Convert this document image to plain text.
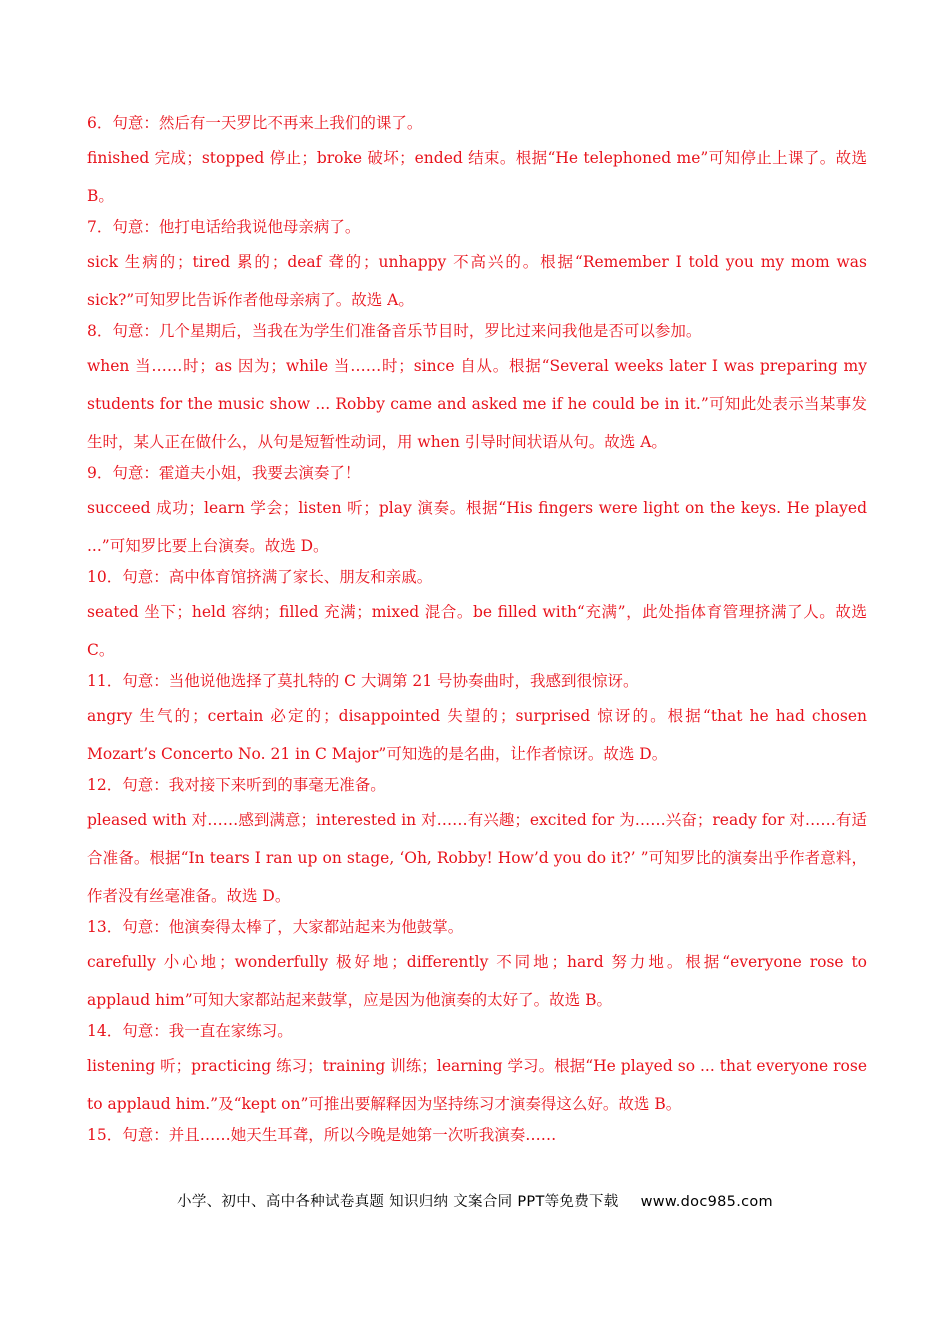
6．句意：然后有一天罗比不再来上我们的课了。

finished 完成；stopped 停止；broke 破坏；ended 结束。根据“He telephoned me”可知停止上课了。故选 B。

7．句意：他打电话给我说他母亲病了。

sick 生病的；tired 累的；deaf 聋的；unhappy 不高兴的。根据“Remember I told you my mom was sick?”可知罗比告诉作者他母亲病了。故选 A。

8．句意：几个星期后，当我在为学生们准备音乐节目时，罗比过来问我他是否可以参加。

when 当……时；as 因为；while 当……时；since 自从。根据“Several weeks later I was preparing my students for the music show ... Robby came and asked me if he could be in it.”可知此处表示当某事发生时，某人正在做什么，从句是短暂性动词，用 when 引导时间状语从句。故选 A。

9．句意：霍道夫小姐，我要去演奏了！

succeed 成功；learn 学会；listen 听；play 演奏。根据“His fingers were light on the keys. He played ...”可知罗比要上台演奏。故选 D。

10．句意：高中体育馆挤满了家长、朋友和亲戚。

seated 坐下；held 容纳；filled 充满；mixed 混合。be filled with“充满”，此处指体育管理挤满了人。故选 C。

11．句意：当他说他选择了莫扎特的 C 大调第 21 号协奏曲时，我感到很惊讶。

angry 生气的；certain 必定的；disappointed 失望的；surprised 惊讶的。根据“that he had chosen Mozart’s Concerto No. 21 in C Major”可知选的是名曲，让作者惊讶。故选 D。

12．句意：我对接下来听到的事毫无准备。

pleased with 对……感到满意；interested in 对……有兴趣；excited for 为……兴奋；ready for 对……有适合准备。根据“In tears I ran up on stage, ‘Oh, Robby! How’d you do it?’ ”可知罗比的演奏出乎作者意料，作者没有丝毫准备。故选 D。

13．句意：他演奏得太棒了，大家都站起来为他鼓掌。

carefully 小心地；wonderfully 极好地；differently 不同地；hard 努力地。根据“everyone rose to applaud him”可知大家都站起来鼓掌，应是因为他演奏的太好了。故选 B。

14．句意：我一直在家练习。

listening 听；practicing 练习；training 训练；learning 学习。根据“He played so ... that everyone rose to applaud him.”及“kept on”可推出要解释因为坚持练习才演奏得这么好。故选 B。

15．句意：并且……她天生耳聋，所以今晚是她第一次听我演奏……

小学、初中、高中各种试卷真题 知识归纳 文案合同 PPT等免费下载 www.doc985.com
